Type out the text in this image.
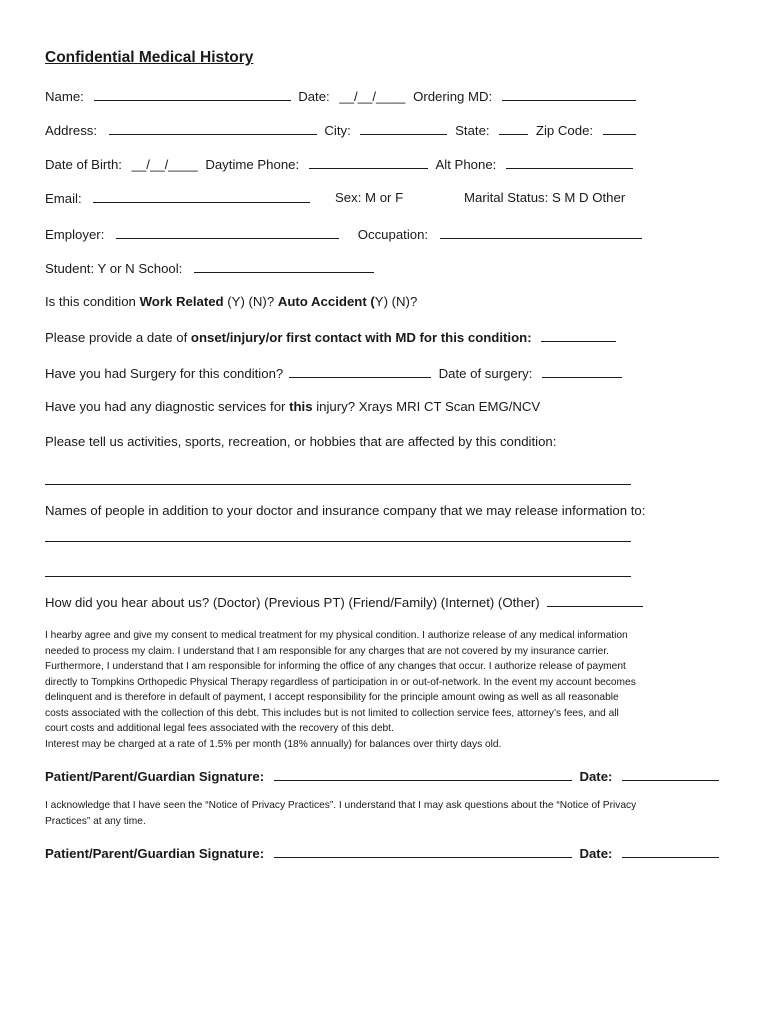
Confidential Medical History
Name:	Date: __/__/____ Ordering MD:
Address:	City:	State:	Zip Code:
Date of Birth: __/__/____ Daytime Phone:	Alt Phone:
Email:	Sex: M or F	Marital Status: S M D Other
Employer:	Occupation:
Student: Y or N School:
Is this condition Work Related (Y) (N)? Auto Accident (Y) (N)?
Please provide a date of onset/injury/or first contact with MD for this condition:
Have you had Surgery for this condition?	Date of surgery:
Have you had any diagnostic services for this injury? Xrays MRI CT Scan EMG/NCV
Please tell us activities, sports, recreation, or hobbies that are affected by this condition:
Names of people in addition to your doctor and insurance company that we may release information to:
How did you hear about us? (Doctor) (Previous PT) (Friend/Family) (Internet) (Other)
I hearby agree and give my consent to medical treatment for my physical condition. I authorize release of any medical information
needed to process my claim. I understand that I am responsible for any charges that are not covered by my insurance carrier.
Furthermore, I understand that I am responsible for informing the office of any changes that occur. I authorize release of payment
directly to Tompkins Orthopedic Physical Therapy regardless of participation in or out-of-network. In the event my account becomes
delinquent and is therefore in default of payment, I accept responsibility for the principle amount owing as well as all reasonable
costs associated with the collection of this debt. This includes but is not limited to collection service fees, attorney’s fees, and all
court costs and additional legal fees associated with the recovery of this debt.
Interest may be charged at a rate of 1.5% per month (18% annually) for balances over thirty days old.
Patient/Parent/Guardian Signature:	Date:
I acknowledge that I have seen the “Notice of Privacy Practices”. I understand that I may ask questions about the “Notice of Privacy
Practices” at any time.
Patient/Parent/Guardian Signature:	Date:
